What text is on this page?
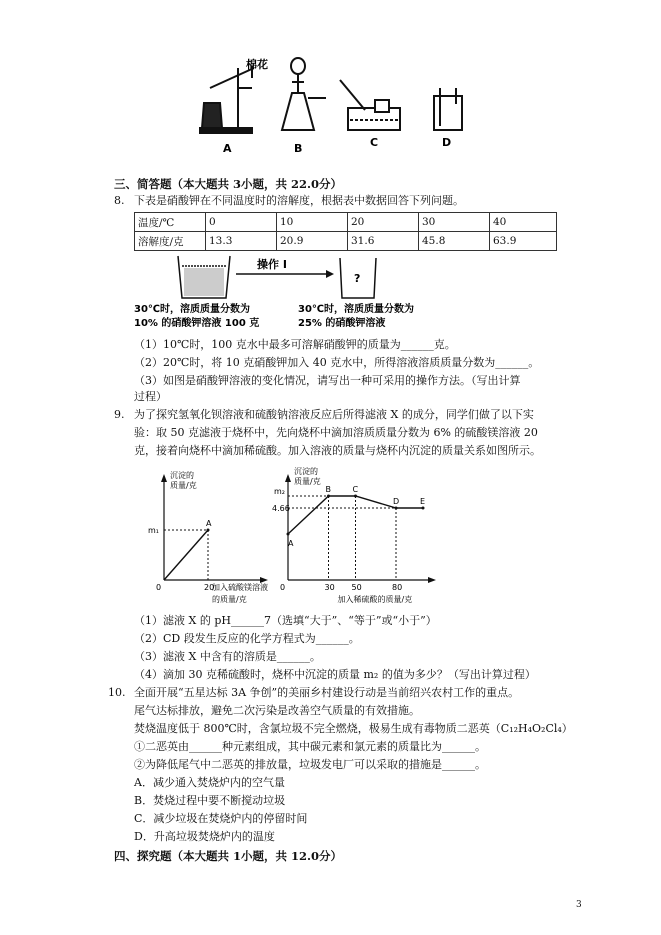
棉花
A	B	C	D
三、简答题（本大题共 3小题，共 22.0分）
8. 下表是硝酸钾在不同温度时的溶解度，根据表中数据回答下列问题。
温度/℃	0	10	20	30	40
溶解度/克	13.3	20.9	31.6	45.8	63.9
操作 I
?
30℃时，溶质质量分数为
10% 的硝酸钾溶液 100 克
30℃时，溶质质量分数为
25% 的硝酸钾溶液
（1）10℃时，100 克水中最多可溶解硝酸钾的质量为______克。
（2）20℃时，将 10 克硝酸钾加入 40 克水中，所得溶液溶质质量分数为______。
（3）如图是硝酸钾溶液的变化情况，请写出一种可采用的操作方法。（写出计算
过程）
9. 为了探究氢氧化钡溶液和硫酸钠溶液反应后所得滤液 X 的成分，同学们做了以下实
验：取 50 克滤液于烧杯中，先向烧杯中滴加溶质质量分数为 6% 的硫酸镁溶液 20
克，接着向烧杯中滴加稀硫酸。加入溶液的质量与烧杯内沉淀的质量关系如图所示。
沉淀的
质量/克
A
0	20
m₁
加入硫酸镁溶液
的质量/克
沉淀的
质量/克
A
B	C
D	E
0	30 50	80
m₂
4.66
加入稀硫酸的质量/克
（1）滤液 X 的 pH______7（选填“大于”、“等于”或“小于”）
（2）CD 段发生反应的化学方程式为______。
（3）滤液 X 中含有的溶质是______。
（4）滴加 30 克稀硫酸时，烧杯中沉淀的质量 m₂ 的值为多少？（写出计算过程）
10. 全面开展“五星达标 3A 争创”的美丽乡村建设行动是当前绍兴农村工作的重点。
尾气达标排放，避免二次污染是改善空气质量的有效措施。
焚烧温度低于 800℃时，含氯垃圾不完全燃烧，极易生成有毒物质二恶英（C₁₂H₄O₂Cl₄）
①二恶英由______种元素组成，其中碳元素和氯元素的质量比为______。
②为降低尾气中二恶英的排放量，垃圾发电厂可以采取的措施是______。
A．减少通入焚烧炉内的空气量
B．焚烧过程中要不断搅动垃圾
C．减少垃圾在焚烧炉内的停留时间
D．升高垃圾焚烧炉内的温度
四、探究题（本大题共 1小题，共 12.0分）
3
